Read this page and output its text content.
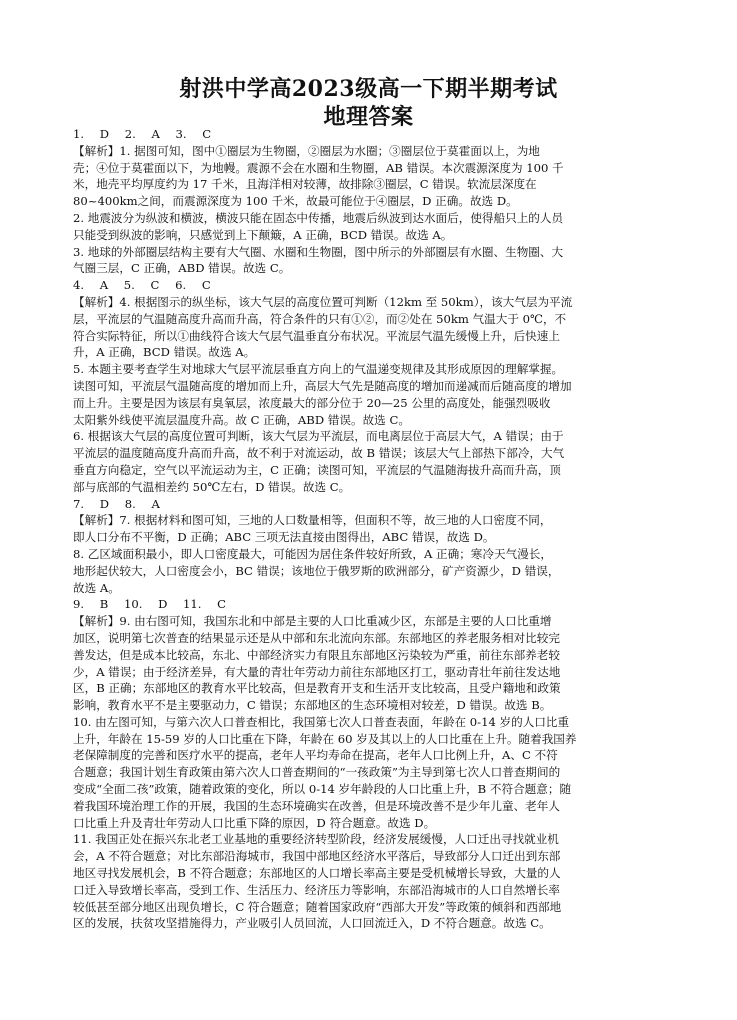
射洪中学高2023级高一下期半期考试
地理答案
1. D 2. A 3. C
【解析】1. 据图可知，图中①圈层为生物圈，②圈层为水圈；③圈层位于莫霍面以上，为地
壳；④位于莫霍面以下，为地幔。震源不会在水圈和生物圈，AB 错误。本次震源深度为 100 千
米，地壳平均厚度约为 17 千米，且海洋相对较薄，故排除③圈层，C 错误。软流层深度在
80~400km之间，而震源深度为 100 千米，故最可能位于④圈层，D 正确。故选 D。
2. 地震波分为纵波和横波，横波只能在固态中传播，地震后纵波到达水面后，使得船只上的人员
只能受到纵波的影响，只感觉到上下颠簸，A 正确，BCD 错误。故选 A。
3. 地球的外部圈层结构主要有大气圈、水圈和生物圈，图中所示的外部圈层有水圈、生物圈、大
气圈三层，C 正确，ABD 错误。故选 C。
4. A 5. C 6. C
【解析】4. 根据图示的纵坐标，该大气层的高度位置可判断（12km 至 50km），该大气层为平流
层，平流层的气温随高度升高而升高，符合条件的只有①②，而②处在 50km 气温大于 0℃，不
符合实际特征，所以①曲线符合该大气层气温垂直分布状况。平流层气温先缓慢上升，后快速上
升，A 正确，BCD 错误。故选 A。
5. 本题主要考查学生对地球大气层平流层垂直方向上的气温递变规律及其形成原因的理解掌握。
读图可知，平流层气温随高度的增加而上升，高层大气先是随高度的增加而递减而后随高度的增加
而上升。主要是因为该层有臭氧层，浓度最大的部分位于 20—25 公里的高度处，能强烈吸收
太阳紫外线使平流层温度升高。故 C 正确，ABD 错误。故选 C。
6. 根据该大气层的高度位置可判断，该大气层为平流层，而电离层位于高层大气，A 错误；由于
平流层的温度随高度升高而升高，故不利于对流运动，故 B 错误；该层大气上部热下部冷，大气
垂直方向稳定，空气以平流运动为主，C 正确；读图可知，平流层的气温随海拔升高而升高，顶
部与底部的气温相差约 50℃左右，D 错误。故选 C。
7. D 8. A
【解析】7. 根据材料和图可知，三地的人口数量相等，但面积不等，故三地的人口密度不同，
即人口分布不平衡，D 正确；ABC 三项无法直接由图得出，ABC 错误，故选 D。
8. 乙区域面积最小，即人口密度最大，可能因为居住条件较好所致，A 正确；寒冷天气漫长，
地形起伏较大，人口密度会小，BC 错误；该地位于俄罗斯的欧洲部分，矿产资源少，D 错误，
故选 A。
9. B 10. D 11. C
【解析】9. 由右图可知，我国东北和中部是主要的人口比重减少区，东部是主要的人口比重增
加区，说明第七次普查的结果显示还是从中部和东北流向东部。东部地区的养老服务相对比较完
善发达，但是成本比较高，东北、中部经济实力有限且东部地区污染较为严重，前往东部养老较
少，A 错误；由于经济差异，有大量的青壮年劳动力前往东部地区打工，驱动青壮年前往发达地
区，B 正确；东部地区的教育水平比较高，但是教育开支和生活开支比较高，且受户籍地和政策
影响，教育水平不是主要驱动力，C 错误；东部地区的生态环境相对较差，D 错误。故选 B。
10. 由左图可知，与第六次人口普查相比，我国第七次人口普查表面，年龄在 0-14 岁的人口比重
上升，年龄在 15-59 岁的人口比重在下降，年龄在 60 岁及其以上的人口比重在上升。随着我国养
老保障制度的完善和医疗水平的提高，老年人平均寿命在提高，老年人口比例上升，A、C 不符
合题意；我国计划生育政策由第六次人口普查期间的“一孩政策”为主导到第七次人口普查期间的
变成“全面二孩”政策，随着政策的变化，所以 0-14 岁年龄段的人口比重上升，B 不符合题意；随
着我国环境治理工作的开展，我国的生态环境确实在改善，但是环境改善不是少年儿童、老年人
口比重上升及青壮年劳动人口比重下降的原因，D 符合题意。故选 D。
11. 我国正处在振兴东北老工业基地的重要经济转型阶段，经济发展缓慢，人口迁出寻找就业机
会，A 不符合题意；对比东部沿海城市，我国中部地区经济水平落后，导致部分人口迁出到东部
地区寻找发展机会，B 不符合题意；东部地区的人口增长率高主要是受机械增长导致，大量的人
口迁入导致增长率高，受到工作、生活压力、经济压力等影响，东部沿海城市的人口自然增长率
较低甚至部分地区出现负增长，C 符合题意；随着国家政府“西部大开发”等政策的倾斜和西部地
区的发展，扶贫攻坚措施得力，产业吸引人员回流，人口回流迁入，D 不符合题意。故选 C。
